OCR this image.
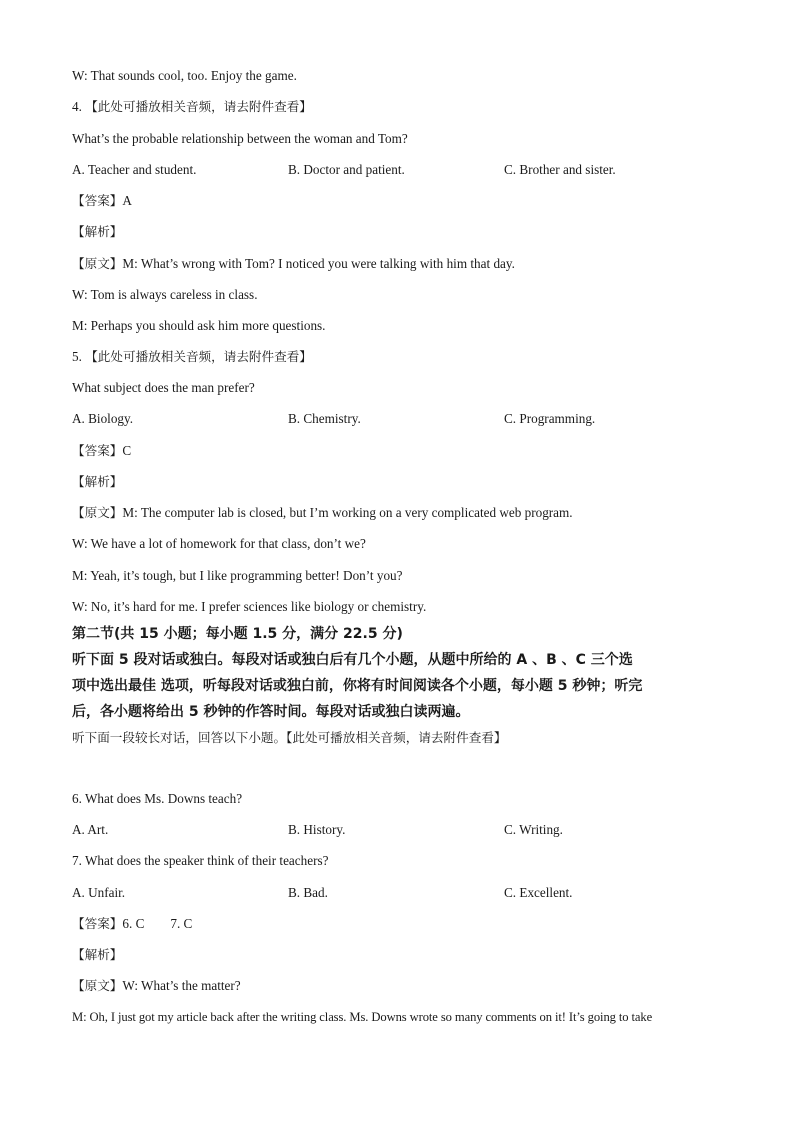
W: That sounds cool, too. Enjoy the game.
4. 【此处可播放相关音频，请去附件查看】
What’s the probable relationship between the woman and Tom?
A. Teacher and student.	B. Doctor and patient.	C. Brother and sister.
【答案】A
【解析】
【原文】M: What’s wrong with Tom? I noticed you were talking with him that day.
W: Tom is always careless in class.
M: Perhaps you should ask him more questions.
5. 【此处可播放相关音频，请去附件查看】
What subject does the man prefer?
A. Biology.	B. Chemistry.	C. Programming.
【答案】C
【解析】
【原文】M: The computer lab is closed, but I’m working on a very complicated web program.
W: We have a lot of homework for that class, don’t we?
M: Yeah, it’s tough, but I like programming better! Don’t you?
W: No, it’s hard for me. I prefer sciences like biology or chemistry.
第二节(共 15 小题；每小题 1.5 分，满分 22.5 分)
听下面 5 段对话或独白。每段对话或独白后有几个小题，从题中所给的 A 、B 、C 三个选
项中选出最佳 选项，听每段对话或独白前，你将有时间阅读各个小题，每小题 5 秒钟；听完
后，各小题将给出 5 秒钟的作答时间。每段对话或独白读两遍。
听下面一段较长对话，回答以下小题。【此处可播放相关音频，请去附件查看】
6. What does Ms. Downs teach?
A. Art.	B. History.	C. Writing.
7. What does the speaker think of their teachers?
A. Unfair.	B. Bad.	C. Excellent.
【答案】6. C 7. C
【解析】
【原文】W: What’s the matter?
M: Oh, I just got my article back after the writing class. Ms. Downs wrote so many comments on it! It’s going to take
